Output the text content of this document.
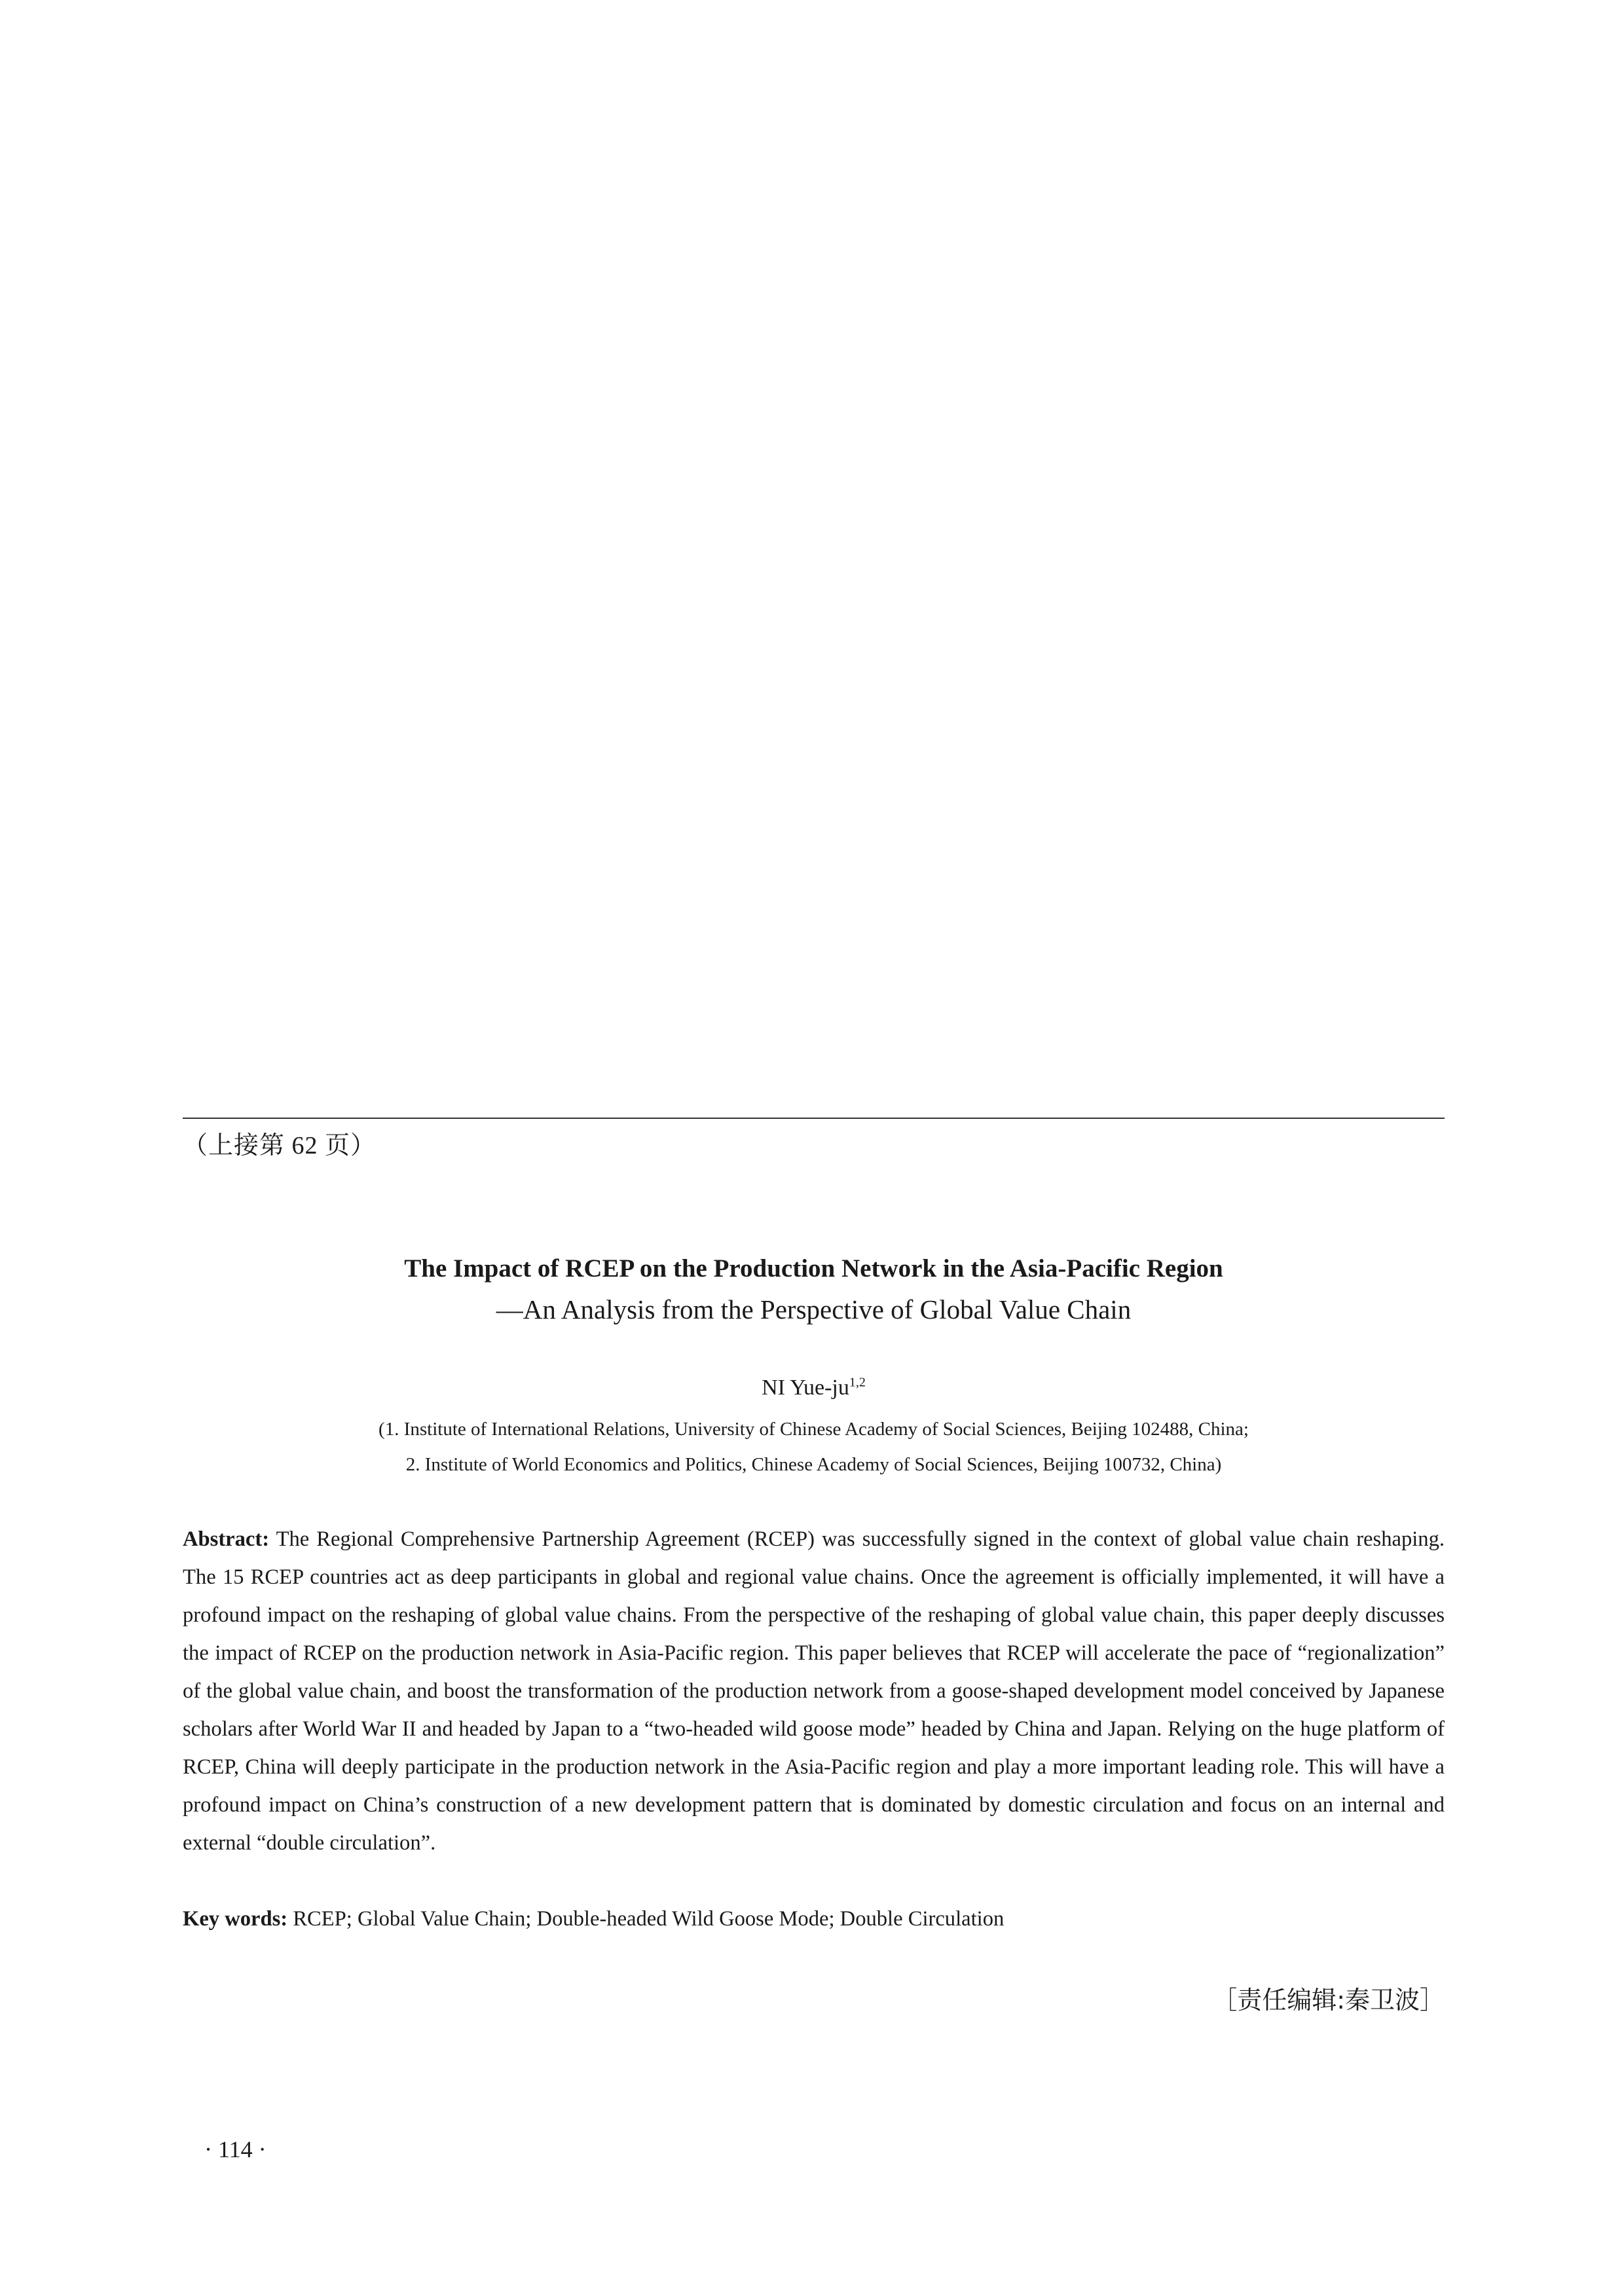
（上接第 62 页）
The Impact of RCEP on the Production Network in the Asia-Pacific Region
—An Analysis from the Perspective of Global Value Chain
NI Yue-ju$^{1,2}$
(1. Institute of International Relations, University of Chinese Academy of Social Sciences, Beijing 102488, China;
2. Institute of World Economics and Politics, Chinese Academy of Social Sciences, Beijing 100732, China)
Abstract: The Regional Comprehensive Partnership Agreement (RCEP) was successfully signed in the context of global value chain reshaping. The 15 RCEP countries act as deep participants in global and regional value chains. Once the agreement is officially implemented, it will have a profound impact on the reshaping of global value chains. From the perspective of the reshaping of global value chain, this paper deeply discusses the impact of RCEP on the production network in Asia-Pacific region. This paper believes that RCEP will accelerate the pace of “regionalization” of the global value chain, and boost the transformation of the production network from a goose-shaped development model conceived by Japanese scholars after World War II and headed by Japan to a “two-headed wild goose mode” headed by China and Japan. Relying on the huge platform of RCEP, China will deeply participate in the production network in the Asia-Pacific region and play a more important leading role. This will have a profound impact on China’s construction of a new development pattern that is dominated by domestic circulation and focus on an internal and external “double circulation”.
Key words: RCEP; Global Value Chain; Double-headed Wild Goose Mode; Double Circulation
［责任编辑:秦卫波］
· 114 ·
